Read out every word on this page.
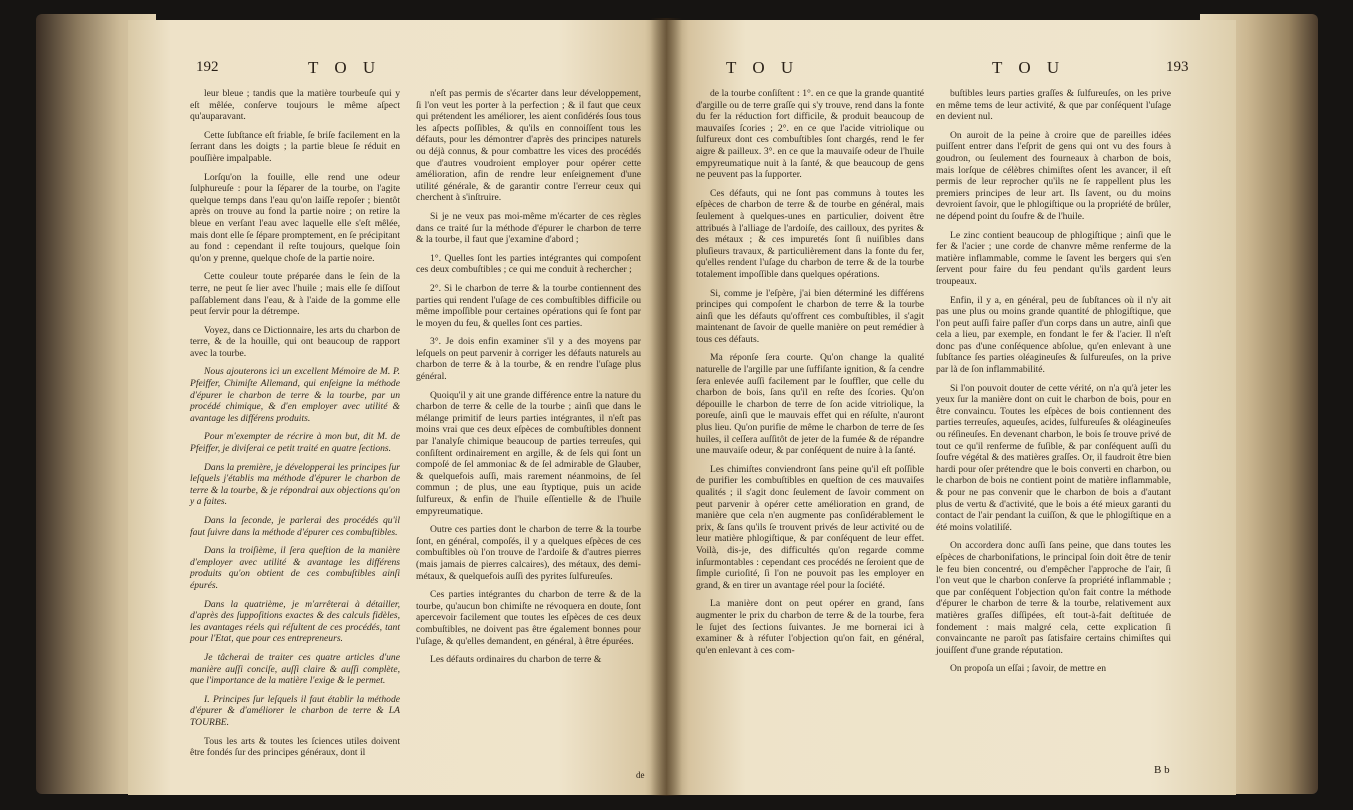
192	T O U

leur bleue ; tandis que la matière tourbeuſe qui y eſt mêlée, conſerve toujours le même aſpect qu'auparavant.

Cette ſubſtance eſt friable, ſe briſe facilement en la ſerrant dans les doigts ; la partie bleue ſe réduit en pouſſière impalpable.

Lorſqu'on la fouille, elle rend une odeur ſulphureuſe : pour la ſéparer de la tourbe, on l'agite quelque temps dans l'eau qu'on laiſſe repoſer ; bientôt après on trouve au fond la partie noire ; on retire la bleue en verſant l'eau avec laquelle elle s'eſt mêlée, mais dont elle ſe ſépare promptement, en ſe précipitant au fond : cependant il reſte toujours, quelque ſoin qu'on y prenne, quelque choſe de la partie noire.

Cette couleur toute préparée dans le ſein de la terre, ne peut ſe lier avec l'huile ; mais elle ſe diſſout paſſablement dans l'eau, & à l'aide de la gomme elle peut ſervir pour la détrempe.

Voyez, dans ce Dictionnaire, les arts du charbon de terre, & de la houille, qui ont beaucoup de rapport avec la tourbe.

Nous ajouterons ici un excellent Mémoire de M. P. Pfeiffer, Chimiſte Allemand, qui enſeigne la méthode d'épurer le charbon de terre & la tourbe, par un procédé chimique, & d'en employer avec utilité & avantage les différens produits.

Pour m'exempter de récrire à mon but, dit M. de Pfeiffer, je diviſerai ce petit traité en quatre ſections.

Dans la première, je développerai les principes ſur leſquels j'établis ma méthode d'épurer le charbon de terre & la tourbe, & je répondrai aux objections qu'on y a faites.

Dans la ſeconde, je parlerai des procédés qu'il faut ſuivre dans la méthode d'épurer ces combuſtibles.

Dans la troiſième, il ſera queſtion de la manière d'employer avec utilité & avantage les différens produits qu'on obtient de ces combuſtibles ainſi épurés.

Dans la quatrième, je m'arrêterai à détailler, d'après des ſuppoſitions exactes & des calculs fidèles, les avantages réels qui réſultent de ces procédés, tant pour l'Etat, que pour ces entrepreneurs.

Je tâcherai de traiter ces quatre articles d'une manière auſſi conciſe, auſſi claire & auſſi complète, que l'importance de la matière l'exige & le permet.

I. Principes ſur leſquels il faut établir la méthode d'épurer & d'améliorer le charbon de terre & LA TOURBE.

Tous les arts & toutes les ſciences utiles doivent être fondés ſur des principes généraux, dont il

n'eſt pas permis de s'écarter dans leur développement, ſi l'on veut les porter à la perfection ; & il faut que ceux qui prétendent les améliorer, les aient conſidérés ſous tous les aſpects poſſibles, & qu'ils en connoiſſent tous les défauts, pour les démontrer d'après des principes naturels ou déjà connus, & pour combattre les vices des procédés que d'autres voudroient employer pour opérer cette amélioration, afin de rendre leur enſeignement d'une utilité générale, & de garantir contre l'erreur ceux qui cherchent à s'inſtruire.

Si je ne veux pas moi-même m'écarter de ces règles dans ce traité ſur la méthode d'épurer le charbon de terre & la tourbe, il faut que j'examine d'abord ;

1°. Quelles ſont les parties intégrantes qui compoſent ces deux combuſtibles ; ce qui me conduit à rechercher ;

2°. Si le charbon de terre & la tourbe contiennent des parties qui rendent l'uſage de ces combuſtibles difficile ou même impoſſible pour certaines opérations qui ſe font par le moyen du feu, & quelles ſont ces parties.

3°. Je dois enfin examiner s'il y a des moyens par leſquels on peut parvenir à corriger les défauts naturels au charbon de terre & à la tourbe, & en rendre l'uſage plus général.

Quoiqu'il y ait une grande différence entre la nature du charbon de terre & celle de la tourbe ; ainſi que dans le mélange primitif de leurs parties intégrantes, il n'eſt pas moins vrai que ces deux eſpèces de combuſtibles donnent par l'analyſe chimique beaucoup de parties terreuſes, qui conſiſtent ordinairement en argille, & de ſels qui ſont un compoſé de ſel ammoniac & de ſel admirable de Glauber, & quelquefois auſſi, mais rarement néanmoins, de ſel commun ; de plus, une eau ſtyptique, puis un acide ſulfureux, & enfin de l'huile eſſentielle & de l'huile empyreumatique.

Outre ces parties dont le charbon de terre & la tourbe ſont, en général, compoſés, il y a quelques eſpèces de ces combuſtibles où l'on trouve de l'ardoiſe & d'autres pierres (mais jamais de pierres calcaires), des métaux, des demi-métaux, & quelquefois auſſi des pyrites ſulfureuſes.

Ces parties intégrantes du charbon de terre & de la tourbe, qu'aucun bon chimiſte ne révoquera en doute, ſont apercevoir facilement que toutes les eſpèces de ces deux combuſtibles, ne doivent pas être également bonnes pour l'uſage, & qu'elles demandent, en général, à être épurées.

Les défauts ordinaires du charbon de terre &

de
T O U	T O U	193

de la tourbe conſiſtent : 1°. en ce que la grande quantité d'argille ou de terre graſſe qui s'y trouve, rend dans la fonte du fer la réduction fort difficile, & produit beaucoup de mauvaiſes ſcories ; 2°. en ce que l'acide vitriolique ou ſulfureux dont ces combuſtibles ſont chargés, rend le fer aigre & pailleux. 3°. en ce que la mauvaiſe odeur de l'huile empyreumatique nuit à la ſanté, & que beaucoup de gens ne peuvent pas la ſupporter.

Ces défauts, qui ne ſont pas communs à toutes les eſpèces de charbon de terre & de tourbe en général, mais ſeulement à quelques-unes en particulier, doivent être attribués à l'alliage de l'ardoiſe, des cailloux, des pyrites & des métaux ; & ces impuretés ſont ſi nuiſibles dans pluſieurs travaux, & particulièrement dans la fonte du fer, qu'elles rendent l'uſage du charbon de terre & de la tourbe totalement impoſſible dans quelques opérations.

Si, comme je l'eſpère, j'ai bien déterminé les différens principes qui compoſent le charbon de terre & la tourbe ainſi que les défauts qu'offrent ces combuſtibles, il s'agit maintenant de ſavoir de quelle manière on peut remédier à tous ces défauts.

Ma réponſe ſera courte. Qu'on change la qualité naturelle de l'argille par une ſuffiſante ignition, & ſa cendre ſera enlevée auſſi facilement par le ſouffler, que celle du charbon de bois, ſans qu'il en reſte des ſcories. Qu'on dépouille le charbon de terre de ſon acide vitriolique, la poreuſe, ainſi que le mauvais effet qui en réſulte, n'auront plus lieu. Qu'on purifie de même le charbon de terre de ſes huiles, il ceſſera auſſitôt de jeter de la fumée & de répandre une mauvaiſe odeur, & par conſéquent de nuire à la ſanté.

Les chimiſtes conviendront ſans peine qu'il eſt poſſible de purifier les combuſtibles en queſtion de ces mauvaiſes qualités ; il s'agit donc ſeulement de ſavoir comment on peut parvenir à opérer cette amélioration en grand, de manière que cela n'en augmente pas conſidérablement le prix, & ſans qu'ils ſe trouvent privés de leur activité ou de leur matière phlogiſtique, & par conſéquent de leur effet. Voilà, dis-je, des difficultés qu'on regarde comme inſurmontables : cependant ces procédés ne ſeroient que de ſimple curioſité, ſi l'on ne pouvoit pas les employer en grand, & en tirer un avantage réel pour la ſociété.

La manière dont on peut opérer en grand, ſans augmenter le prix du charbon de terre & de la tourbe, fera le ſujet des ſections ſuivantes. Je me bornerai ici à examiner & à réfuter l'objection qu'on fait, en général, qu'en enlevant à ces com-

buſtibles leurs parties graſſes & ſulfureuſes, on les prive en même tems de leur activité, & que par conſéquent l'uſage en devient nul.

On auroit de la peine à croire que de pareilles idées puiſſent entrer dans l'eſprit de gens qui ont vu des fours à goudron, ou ſeulement des fourneaux à charbon de bois, mais lorſque de célèbres chimiſtes oſent les avancer, il eſt permis de leur reprocher qu'ils ne ſe rappellent plus les premiers principes de leur art. Ils ſavent, ou du moins devroient ſavoir, que le phlogiſtique ou la propriété de brûler, ne dépend point du ſoufre & de l'huile.

Le zinc contient beaucoup de phlogiſtique ; ainſi que le fer & l'acier ; une corde de chanvre même renferme de la matière inflammable, comme le ſavent les bergers qui s'en ſervent pour faire du feu pendant qu'ils gardent leurs troupeaux.

Enfin, il y a, en général, peu de ſubſtances où il n'y ait pas une plus ou moins grande quantité de phlogiſtique, que l'on peut auſſi faire paſſer d'un corps dans un autre, ainſi que cela a lieu, par exemple, en fondant le fer & l'acier. Il n'eſt donc pas d'une conſéquence abſolue, qu'en enlevant à une ſubſtance ſes parties oléagineuſes & ſulfureuſes, on la prive par là de ſon inflammabilité.

Si l'on pouvoit douter de cette vérité, on n'a qu'à jeter les yeux ſur la manière dont on cuit le charbon de bois, pour en être convaincu. Toutes les eſpèces de bois contiennent des parties terreuſes, aqueuſes, acides, ſulfureuſes & oléagineuſes ou réſineuſes. En devenant charbon, le bois ſe trouve privé de tout ce qu'il renferme de fuſible, & par conſéquent auſſi du ſoufre végétal & des matières graſſes. Or, il faudroit être bien hardi pour oſer prétendre que le bois converti en charbon, ou le charbon de bois ne contient point de matière inflammable, & pour ne pas convenir que le charbon de bois a d'autant plus de vertu & d'activité, que le bois a été mieux garanti du contact de l'air pendant la cuiſſon, & que le phlogiſtique en a été moins volatiliſé.

On accordera donc auſſi ſans peine, que dans toutes les eſpèces de charbonifations, le principal ſoin doit être de tenir le feu bien concentré, ou d'empêcher l'approche de l'air, ſi l'on veut que le charbon conſerve ſa propriété inflammable ; que par conſéquent l'objection qu'on fait contre la méthode d'épurer le charbon de terre & la tourbe, relativement aux matières graſſes diſſipées, eſt tout-à-fait deſtituée de fondement : mais malgré cela, cette explication ſi convaincante ne paroît pas ſatisfaire certains chimiſtes qui jouiſſent d'une grande réputation.

On propoſa un eſſai ; ſavoir, de mettre en

B b
